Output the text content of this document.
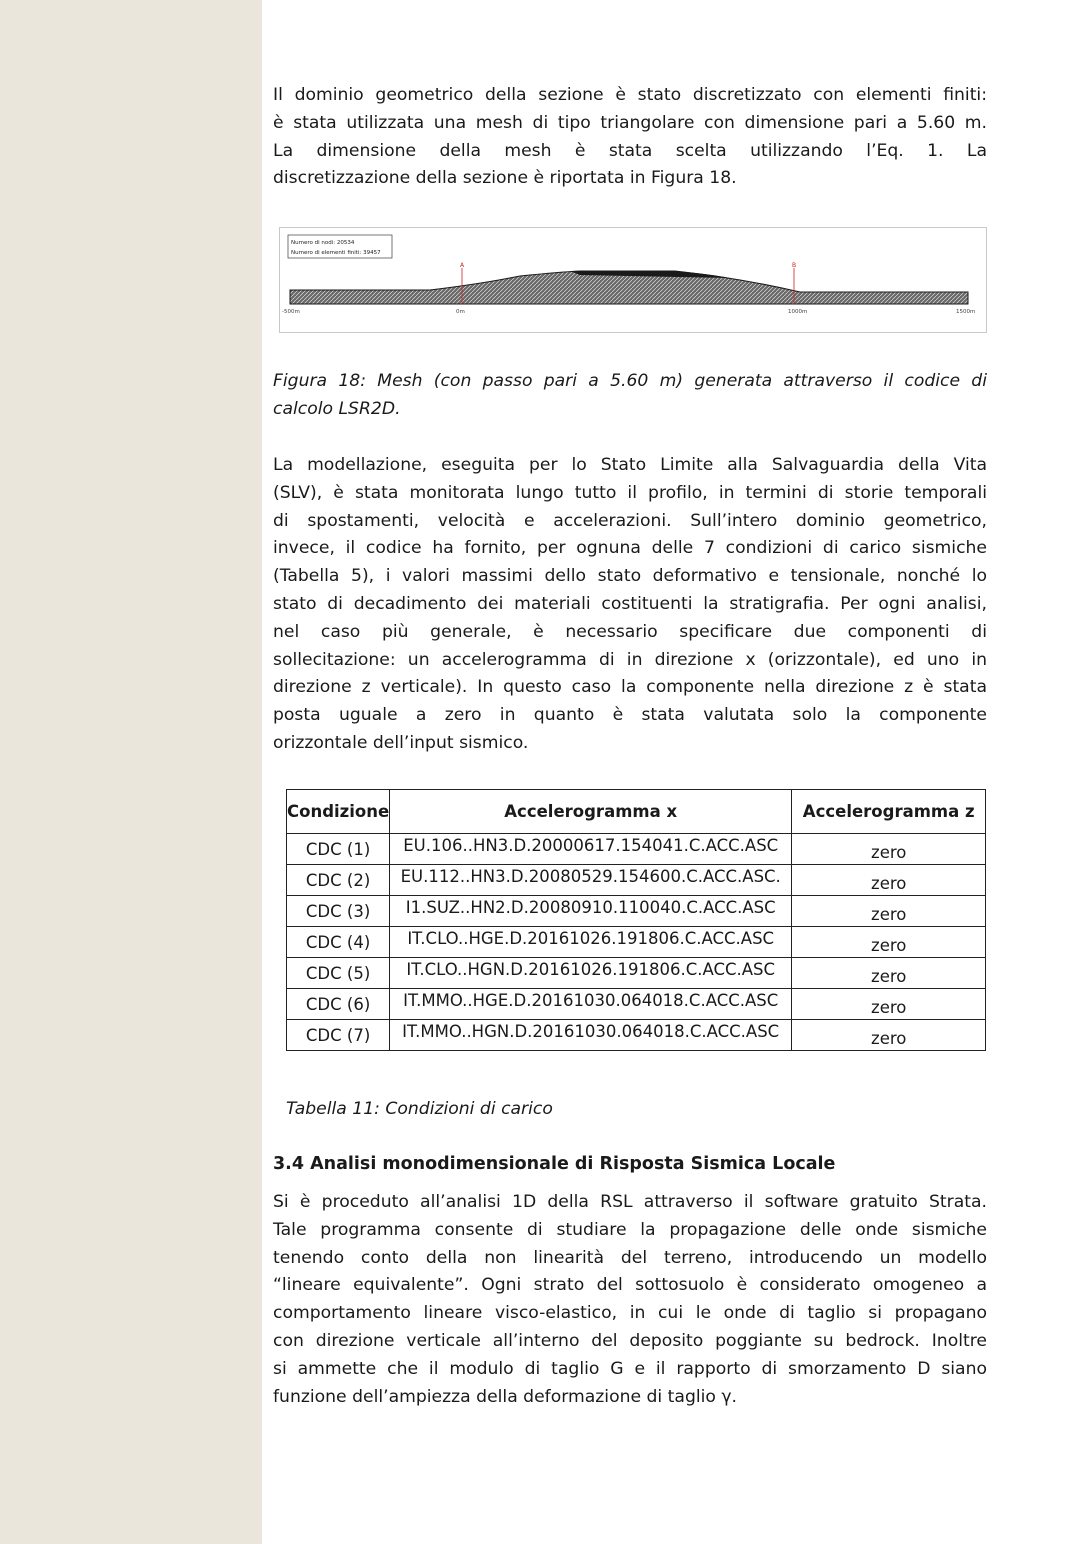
Il dominio geometrico della sezione è stato discretizzato con elementi finiti:
è stata utilizzata una mesh di tipo triangolare con dimensione pari a 5.60 m.
La dimensione della mesh è stata scelta utilizzando l’Eq. 1. La
discretizzazione della sezione è riportata in Figura 18.

Numero di nodi: 20534
Numero di elementi finiti: 39457
A	B
-500m	0m	1000m	1500m

Figura 18: Mesh (con passo pari a 5.60 m) generata attraverso il codice di
calcolo LSR2D.

La modellazione, eseguita per lo Stato Limite alla Salvaguardia della Vita
(SLV), è stata monitorata lungo tutto il profilo, in termini di storie temporali
di spostamenti, velocità e accelerazioni. Sull’intero dominio geometrico,
invece, il codice ha fornito, per ognuna delle 7 condizioni di carico sismiche
(Tabella 5), i valori massimi dello stato deformativo e tensionale, nonché lo
stato di decadimento dei materiali costituenti la stratigrafia. Per ogni analisi,
nel caso più generale, è necessario specificare due componenti di
sollecitazione: un accelerogramma di in direzione x (orizzontale), ed uno in
direzione z verticale). In questo caso la componente nella direzione z è stata
posta uguale a zero in quanto è stata valutata solo la componente
orizzontale dell’input sismico.

Condizione	Accelerogramma x	Accelerogramma z
CDC (1)	EU.106..HN3.D.20000617.154041.C.ACC.ASC	zero
CDC (2)	EU.112..HN3.D.20080529.154600.C.ACC.ASC.	zero
CDC (3)	I1.SUZ..HN2.D.20080910.110040.C.ACC.ASC	zero
CDC (4)	IT.CLO..HGE.D.20161026.191806.C.ACC.ASC	zero
CDC (5)	IT.CLO..HGN.D.20161026.191806.C.ACC.ASC	zero
CDC (6)	IT.MMO..HGE.D.20161030.064018.C.ACC.ASC	zero
CDC (7)	IT.MMO..HGN.D.20161030.064018.C.ACC.ASC	zero

Tabella 11: Condizioni di carico

3.4 Analisi monodimensionale di Risposta Sismica Locale

Si è proceduto all’analisi 1D della RSL attraverso il software gratuito Strata.
Tale programma consente di studiare la propagazione delle onde sismiche
tenendo conto della non linearità del terreno, introducendo un modello
“lineare equivalente”. Ogni strato del sottosuolo è considerato omogeneo a
comportamento lineare visco-elastico, in cui le onde di taglio si propagano
con direzione verticale all’interno del deposito poggiante su bedrock. Inoltre
si ammette che il modulo di taglio G e il rapporto di smorzamento D siano
funzione dell’ampiezza della deformazione di taglio γ.
